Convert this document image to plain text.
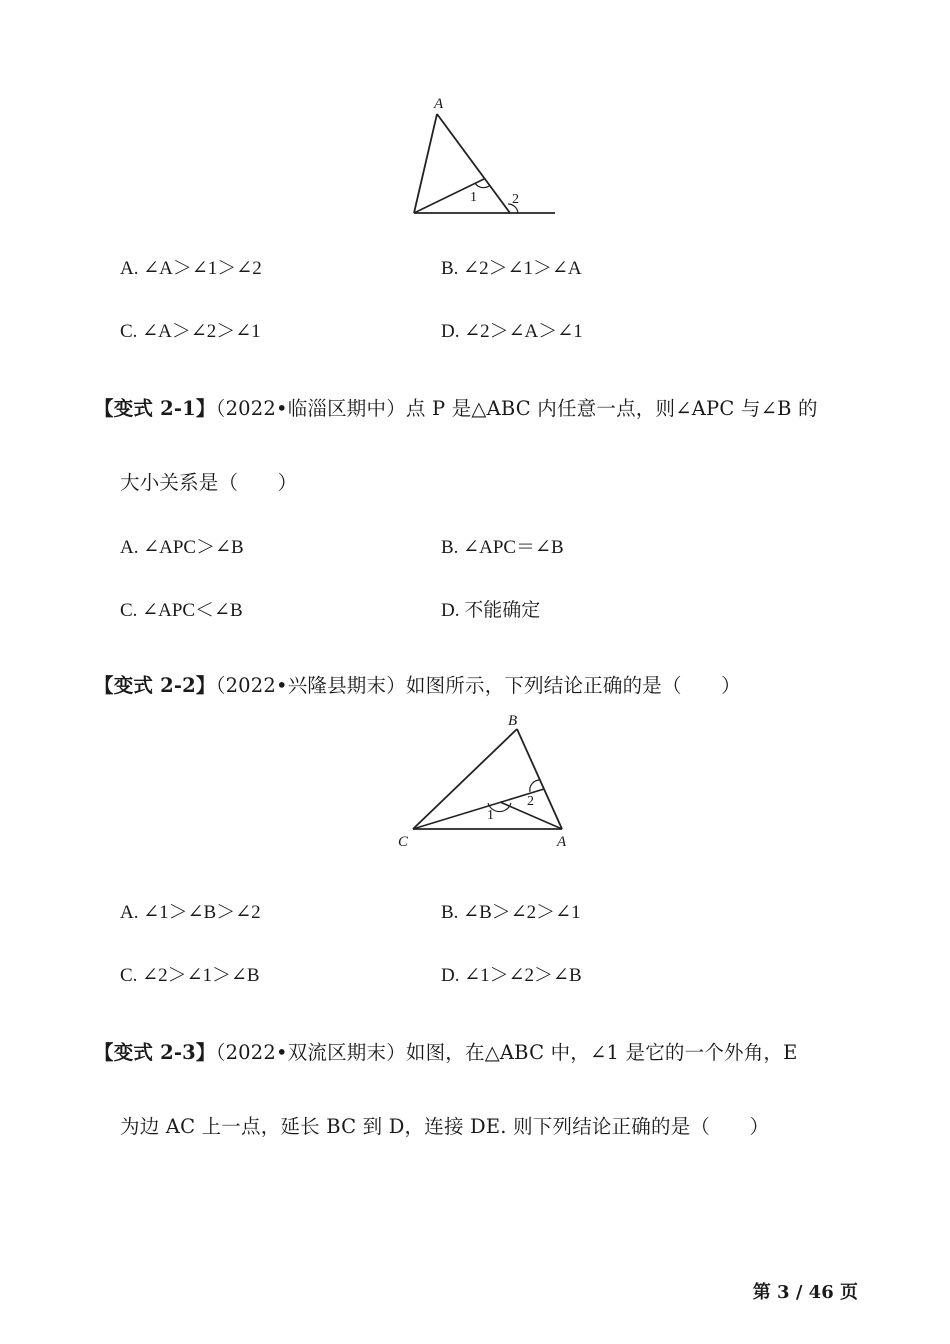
A
1	2
A. ∠A＞∠1＞∠2	B. ∠2＞∠1＞∠A
C. ∠A＞∠2＞∠1	D. ∠2＞∠A＞∠1
【变式 2-1】（2022•临淄区期中）点 P 是△ABC 内任意一点，则∠APC 与∠B 的
大小关系是（　　）
A. ∠APC＞∠B	B. ∠APC＝∠B
C. ∠APC＜∠B	D. 不能确定
【变式 2-2】（2022•兴隆县期末）如图所示，下列结论正确的是（　　）
B
C	A
1
2
A. ∠1＞∠B＞∠2	B. ∠B＞∠2＞∠1
C. ∠2＞∠1＞∠B	D. ∠1＞∠2＞∠B
【变式 2-3】（2022•双流区期末）如图，在△ABC 中，∠1 是它的一个外角，E
为边 AC 上一点，延长 BC 到 D，连接 DE. 则下列结论正确的是（　　）
第 3 / 46 页
